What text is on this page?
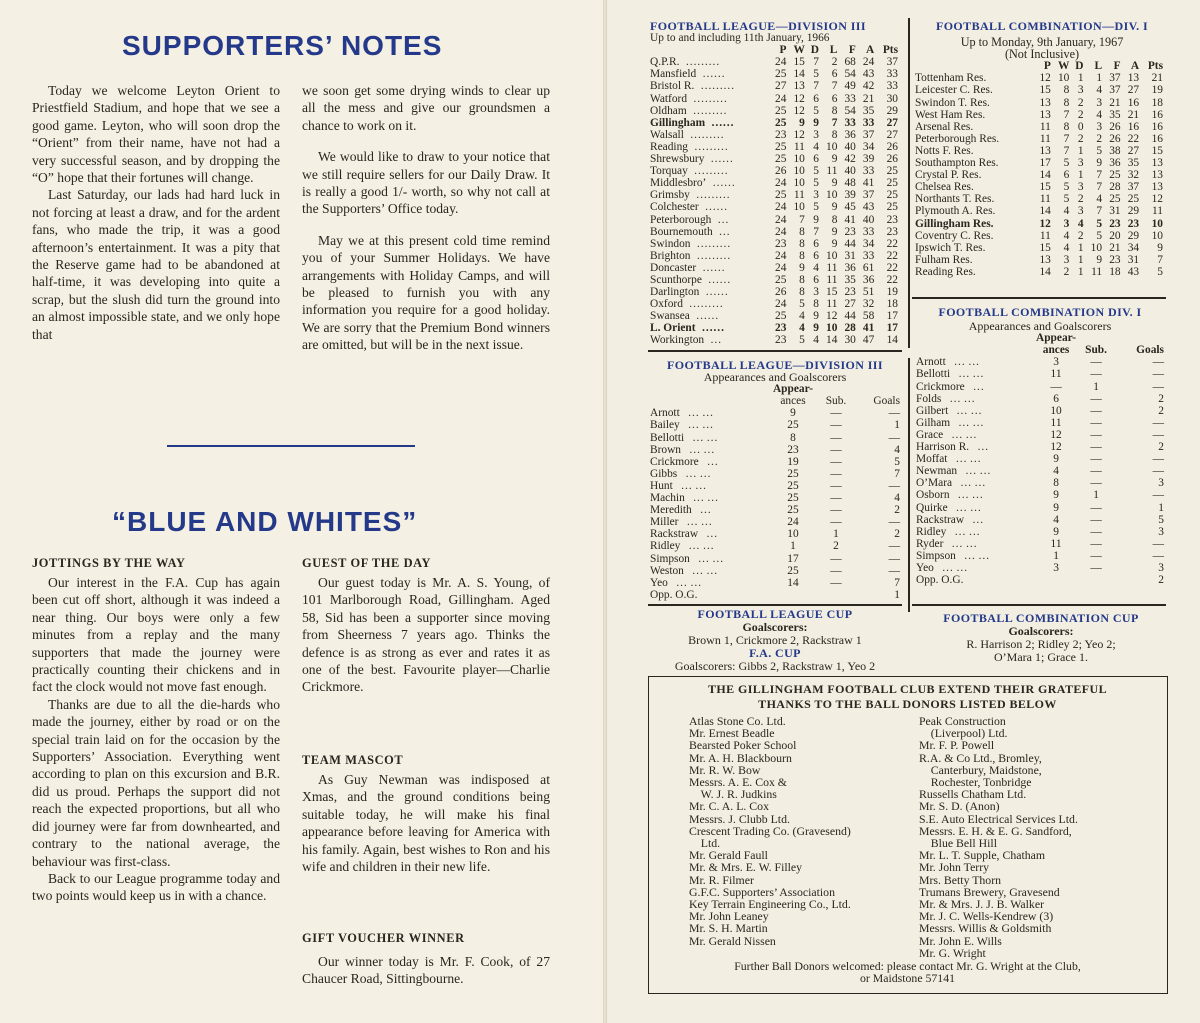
SUPPORTERS’ NOTES

Today we welcome Leyton Orient to Priestfield Stadium, and hope that we see a good game. Leyton, who will soon drop the “Orient” from their name, have not had a very successful season, and by dropping the “O” hope that their fortunes will change.

Last Saturday, our lads had hard luck in not forcing at least a draw, and for the ardent fans, who made the trip, it was a good afternoon’s entertainment. It was a pity that the Reserve game had to be abandoned at half-time, it was developing into quite a scrap, but the slush did turn the ground into an almost impossible state, and we only hope that

we soon get some drying winds to clear up all the mess and give our groundsmen a chance to work on it.

We would like to draw to your notice that we still require sellers for our Daily Draw. It is really a good 1/- worth, so why not call at the Supporters’ Office today.

May we at this present cold time remind you of your Summer Holidays. We have arrangements with Holiday Camps, and will be pleased to furnish you with any information you require for a good holiday. We are sorry that the Premium Bond winners are omitted, but will be in the next issue.

“BLUE AND WHITES”
JOTTINGS BY THE WAY

Our interest in the F.A. Cup has again been cut off short, although it was indeed a near thing. Our boys were only a few minutes from a replay and the many supporters that made the journey were practically counting their chickens and in fact the clock would not move fast enough.

Thanks are due to all the die-hards who made the journey, either by road or on the special train laid on for the occasion by the Supporters’ Association. Everything went according to plan on this excursion and B.R. did us proud. Perhaps the support did not reach the expected proportions, but all who did journey were far from downhearted, and contrary to the national average, the behaviour was first-class.

Back to our League programme today and two points would keep us in with a chance.

GUEST OF THE DAY

Our guest today is Mr. A. S. Young, of 101 Marlborough Road, Gillingham. Aged 58, Sid has been a supporter since moving from Sheerness 7 years ago. Thinks the defence is as strong as ever and rates it as one of the best. Favourite player—Charlie Crickmore.

TEAM MASCOT

As Guy Newman was indisposed at Xmas, and the ground conditions being suitable today, he will make his final appearance before leaving for America with his family. Again, best wishes to Ron and his wife and children in their new life.

GIFT VOUCHER WINNER

Our winner today is Mr. F. Cook, of 27 Chaucer Road, Sittingbourne.

FOOTBALL LEAGUE—DIVISION III
Up to and including 11th January, 1966
	P	W	D	L	F	A	Pts
Q.P.R. ………	24	15	7	2	68	24	37
Mansfield ……	25	14	5	6	54	43	33
Bristol R. ………	27	13	7	7	49	42	33
Watford ………	24	12	6	6	33	21	30
Oldham ………	25	12	5	8	54	35	29
Gillingham ……	25	9	9	7	33	33	27
Walsall ………	23	12	3	8	36	37	27
Reading ………	25	11	4	10	40	34	26
Shrewsbury ……	25	10	6	9	42	39	26
Torquay ………	26	10	5	11	40	33	25
Middlesbro’ ……	24	10	5	9	48	41	25
Grimsby ………	25	11	3	10	39	37	25
Colchester ……	24	10	5	9	45	43	25
Peterborough …	24	7	9	8	41	40	23
Bournemouth …	24	8	7	9	23	33	23
Swindon ………	23	8	6	9	44	34	22
Brighton ………	24	8	6	10	31	33	22
Doncaster ……	24	9	4	11	36	61	22
Scunthorpe ……	25	8	6	11	35	36	22
Darlington ……	26	8	3	15	23	51	19
Oxford ………	24	5	8	11	27	32	18
Swansea ……	25	4	9	12	44	58	17
L. Orient ……	23	4	9	10	28	41	17
Workington …	23	5	4	14	30	47	14
FOOTBALL COMBINATION—DIV. I
Up to Monday, 9th January, 1967
(Not Inclusive)
	P	W	D	L	F	A	Pts
Tottenham Res.	12	10	1	1	37	13	21
Leicester C. Res.	15	8	3	4	37	27	19
Swindon T. Res.	13	8	2	3	21	16	18
West Ham Res.	13	7	2	4	35	21	16
Arsenal Res.	11	8	0	3	26	16	16
Peterborough Res.	11	7	2	2	26	22	16
Notts F. Res.	13	7	1	5	38	27	15
Southampton Res.	17	5	3	9	36	35	13
Crystal P. Res.	14	6	1	7	25	32	13
Chelsea Res.	15	5	3	7	28	37	13
Northants T. Res.	11	5	2	4	25	25	12
Plymouth A. Res.	14	4	3	7	31	29	11
Gillingham Res.	12	3	4	5	23	23	10
Coventry C. Res.	11	4	2	5	20	29	10
Ipswich T. Res.	15	4	1	10	21	34	9
Fulham Res.	13	3	1	9	23	31	7
Reading Res.	14	2	1	11	18	43	5
FOOTBALL LEAGUE—DIVISION III
Appearances and Goalscorers
	Appear-		
	ances	Sub.	Goals
Arnott … …	9	—	—
Bailey … …	25	—	1
Bellotti … …	8	—	—
Brown … …	23	—	4
Crickmore …	19	—	5
Gibbs … …	25	—	7
Hunt … …	25	—	—
Machin … …	25	—	4
Meredith …	25	—	2
Miller … …	24	—	—
Rackstraw …	10	1	2
Ridley … …	1	2	—
Simpson … …	17	—	—
Weston … …	25	—	—
Yeo … …	14	—	7
Opp. O.G.			1
FOOTBALL COMBINATION DIV. I
Appearances and Goalscorers
	Appear-		
	ances	Sub.	Goals
Arnott … …	3	—	—
Bellotti … …	11	—	—
Crickmore …	—	1	—
Folds … …	6	—	2
Gilbert … …	10	—	2
Gilham … …	11	—	—
Grace … …	12	—	—
Harrison R. …	12	—	2
Moffat … …	9	—	—
Newman … …	4	—	—
O’Mara … …	8	—	3
Osborn … …	9	1	—
Quirke … …	9	—	1
Rackstraw …	4	—	5
Ridley … …	9	—	3
Ryder … …	11	—	—
Simpson … …	1	—	—
Yeo … …	3	—	3
Opp. O.G.			2
FOOTBALL LEAGUE CUP
Goalscorers:
Brown 1, Crickmore 2, Rackstraw 1
F.A. CUP
Goalscorers: Gibbs 2, Rackstraw 1, Yeo 2
FOOTBALL COMBINATION CUP
Goalscorers:
R. Harrison 2; Ridley 2; Yeo 2;
O’Mara 1; Grace 1.
THE GILLINGHAM FOOTBALL CLUB EXTEND THEIR GRATEFUL
THANKS TO THE BALL DONORS LISTED BELOW
Atlas Stone Co. Ltd.
Mr. Ernest Beadle
Bearsted Poker School
Mr. A. H. Blackbourn
Mr. R. W. Bow
Messrs. A. E. Cox &
W. J. R. Judkins
Mr. C. A. L. Cox
Messrs. J. Clubb Ltd.
Crescent Trading Co. (Gravesend)
Ltd.
Mr. Gerald Faull
Mr. & Mrs. E. W. Filley
Mr. R. Filmer
G.F.C. Supporters’ Association
Key Terrain Engineering Co., Ltd.
Mr. John Leaney
Mr. S. H. Martin
Mr. Gerald Nissen
Peak Construction
(Liverpool) Ltd.
Mr. F. P. Powell
R.A. & Co Ltd., Bromley,
Canterbury, Maidstone,
Rochester, Tonbridge
Russells Chatham Ltd.
Mr. S. D. (Anon)
S.E. Auto Electrical Services Ltd.
Messrs. E. H. & E. G. Sandford,
Blue Bell Hill
Mr. L. T. Supple, Chatham
Mr. John Terry
Mrs. Betty Thorn
Trumans Brewery, Gravesend
Mr. & Mrs. J. J. B. Walker
Mr. J. C. Wells-Kendrew (3)
Messrs. Willis & Goldsmith
Mr. John E. Wills
Mr. G. Wright
Further Ball Donors welcomed: please contact Mr. G. Wright at the Club,
or Maidstone 57141
